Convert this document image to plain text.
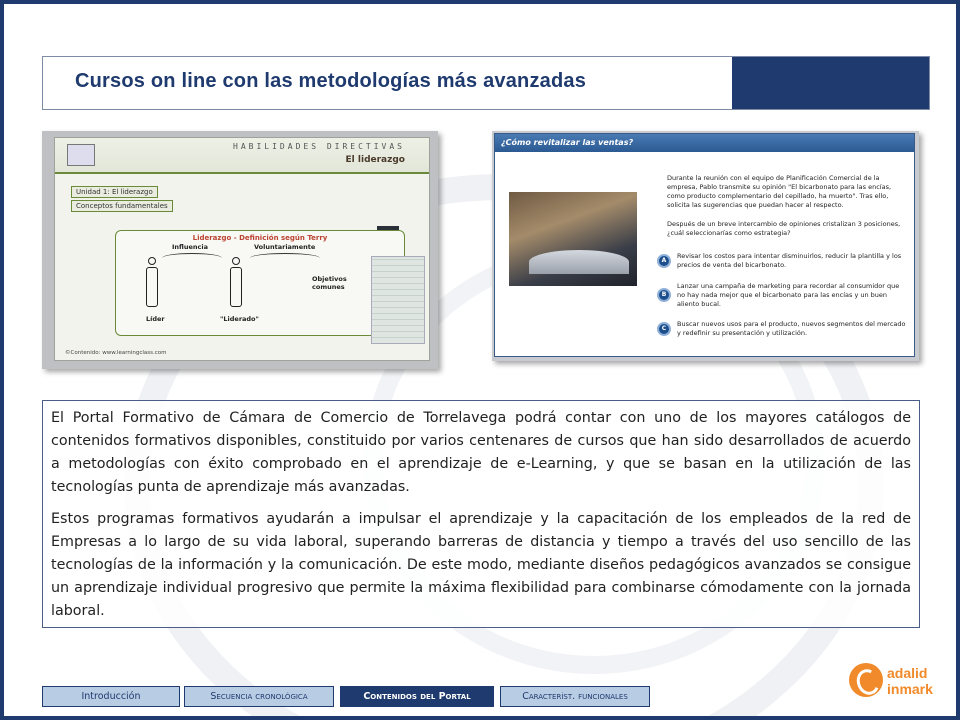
Cursos on line con las metodologías más avanzadas
HABILIDADES DIRECTIVAS
El liderazgo
Unidad 1: El liderazgo
Conceptos fundamentales
Liderazgo - Definición según Terry
Influencia	Voluntariamente
Líder	"Liderado"
Objetivos comunes
©Contenido: www.learningclass.com
¿Cómo revitalizar las ventas?
Durante la reunión con el equipo de Planificación Comercial de la empresa, Pablo transmite su opinión "El bicarbonato para las encías, como producto complementario del cepillado, ha muerto". Tras ello, solicita las sugerencias que puedan hacer al respecto.
Después de un breve intercambio de opiniones cristalizan 3 posiciones, ¿cuál seleccionarías como estrategia?
A
Revisar los costos para intentar disminuirlos, reducir la plantilla y los precios de venta del bicarbonato.
B
Lanzar una campaña de marketing para recordar al consumidor que no hay nada mejor que el bicarbonato para las encías y un buen aliento bucal.
C
Buscar nuevos usos para el producto, nuevos segmentos del mercado y redefinir su presentación y utilización.

El Portal Formativo de Cámara de Comercio de Torrelavega podrá contar con uno de los mayores catálogos de contenidos formativos disponibles, constituido por varios centenares de cursos que han sido desarrollados de acuerdo a metodologías con éxito comprobado en el aprendizaje de e-Learning, y que se basan en la utilización de las tecnologías punta de aprendizaje más avanzadas.

Estos programas formativos ayudarán a impulsar el aprendizaje y la capacitación de los empleados de la red de Empresas a lo largo de su vida laboral, superando barreras de distancia y tiempo a través del uso sencillo de las tecnologías de la información y la comunicación. De este modo, mediante diseños pedagógicos avanzados se consigue un aprendizaje individual progresivo que permite la máxima flexibilidad para combinarse cómodamente con la jornada laboral.

Introducción	Secuencia cronológica	Contenidos del Portal	Característ. funcionales
adalid
inmark
